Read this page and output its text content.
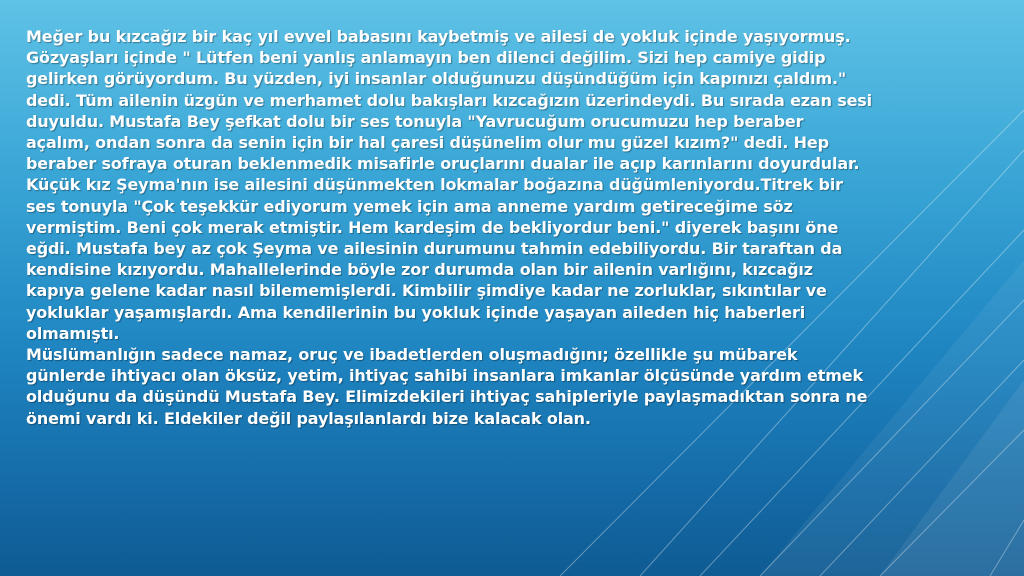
Meğer bu kızcağız bir kaç yıl evvel babasını kaybetmiş ve ailesi de yokluk içinde yaşıyormuş.

Gözyaşları içinde " Lütfen beni yanlış anlamayın ben dilenci değilim. Sizi hep camiye gidip

gelirken görüyordum. Bu yüzden, iyi insanlar olduğunuzu düşündüğüm için kapınızı çaldım."

dedi. Tüm ailenin üzgün ve merhamet dolu bakışları kızcağızın üzerindeydi. Bu sırada ezan sesi

duyuldu. Mustafa Bey şefkat dolu bir ses tonuyla "Yavrucuğum orucumuzu hep beraber

açalım, ondan sonra da senin için bir hal çaresi düşünelim olur mu güzel kızım?" dedi. Hep

beraber sofraya oturan beklenmedik misafirle oruçlarını dualar ile açıp karınlarını doyurdular.

Küçük kız Şeyma'nın ise ailesini düşünmekten lokmalar boğazına düğümleniyordu.Titrek bir

ses tonuyla "Çok teşekkür ediyorum yemek için ama anneme yardım getireceğime söz

vermiştim. Beni çok merak etmiştir. Hem kardeşim de bekliyordur beni." diyerek başını öne

eğdi. Mustafa bey az çok Şeyma ve ailesinin durumunu tahmin edebiliyordu. Bir taraftan da

kendisine kızıyordu. Mahallelerinde böyle zor durumda olan bir ailenin varlığını, kızcağız

kapıya gelene kadar nasıl bilememişlerdi. Kimbilir şimdiye kadar ne zorluklar, sıkıntılar ve

yokluklar yaşamışlardı. Ama kendilerinin bu yokluk içinde yaşayan aileden hiç haberleri

olmamıştı.

Müslümanlığın sadece namaz, oruç ve ibadetlerden oluşmadığını; özellikle şu mübarek

günlerde ihtiyacı olan öksüz, yetim, ihtiyaç sahibi insanlara imkanlar ölçüsünde yardım etmek

olduğunu da düşündü Mustafa Bey. Elimizdekileri ihtiyaç sahipleriyle paylaşmadıktan sonra ne

önemi vardı ki. Eldekiler değil paylaşılanlardı bize kalacak olan.
